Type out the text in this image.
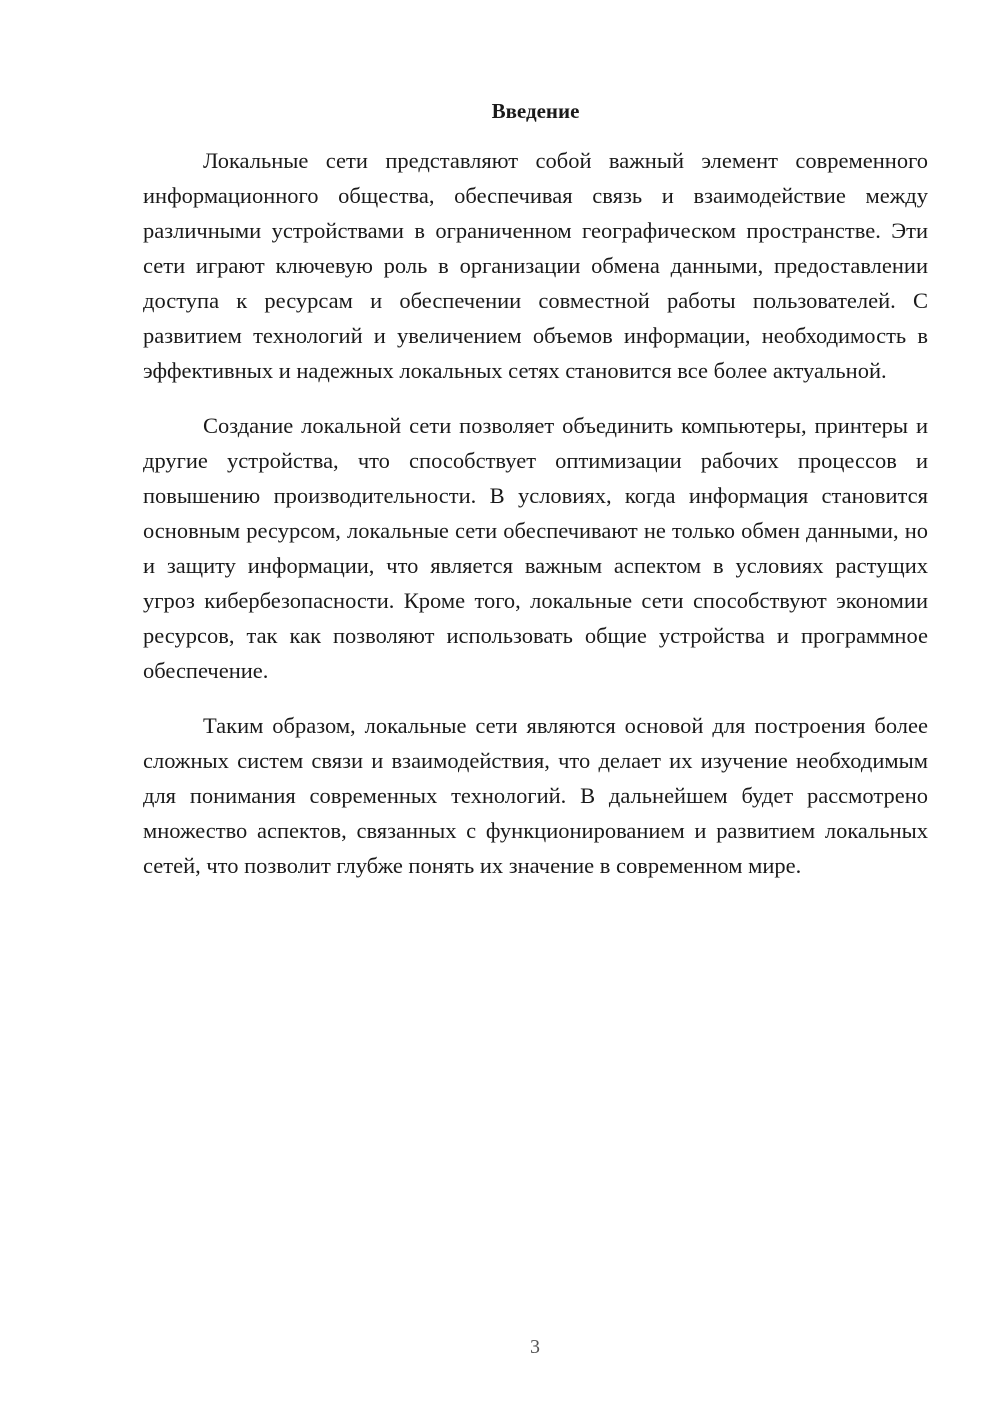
Введение

Локальные сети представляют собой важный элемент современного информационного общества, обеспечивая связь и взаимодействие между различными устройствами в ограниченном географическом пространстве. Эти сети играют ключевую роль в организации обмена данными, предоставлении доступа к ресурсам и обеспечении совместной работы пользователей. С развитием технологий и увеличением объемов информации, необходимость в эффективных и надежных локальных сетях становится все более актуальной.

Создание локальной сети позволяет объединить компьютеры, принтеры и другие устройства, что способствует оптимизации рабочих процессов и повышению производительности. В условиях, когда информация становится основным ресурсом, локальные сети обеспечивают не только обмен данными, но и защиту информации, что является важным аспектом в условиях растущих угроз кибербезопасности. Кроме того, локальные сети способствуют экономии ресурсов, так как позволяют использовать общие устройства и программное обеспечение.

Таким образом, локальные сети являются основой для построения более сложных систем связи и взаимодействия, что делает их изучение необходимым для понимания современных технологий. В дальнейшем будет рассмотрено множество аспектов, связанных с функционированием и развитием локальных сетей, что позволит глубже понять их значение в современном мире.

3
